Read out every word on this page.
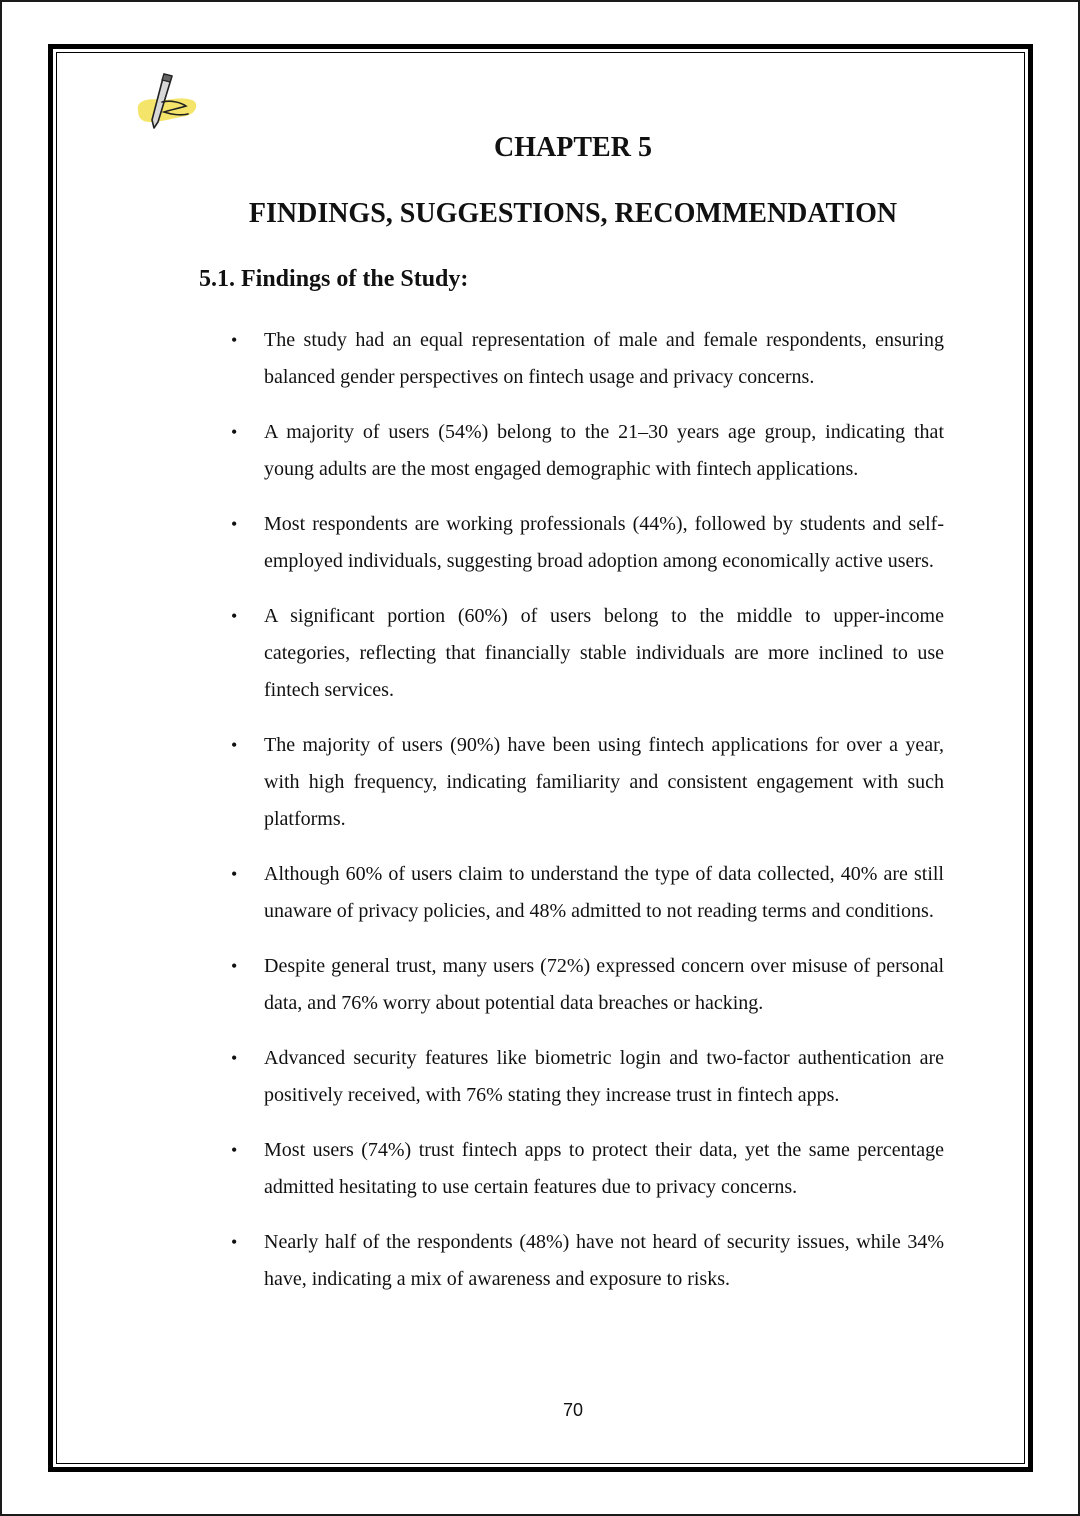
CHAPTER 5
FINDINGS, SUGGESTIONS, RECOMMENDATION
5.1. Findings of the Study:
• The study had an equal representation of male and female respondents, ensuring balanced gender perspectives on fintech usage and privacy concerns.
• A majority of users (54%) belong to the 21–30 years age group, indicating that young adults are the most engaged demographic with fintech applications.
• Most respondents are working professionals (44%), followed by students and self-employed individuals, suggesting broad adoption among economically active users.
• A significant portion (60%) of users belong to the middle to upper-income categories, reflecting that financially stable individuals are more inclined to use fintech services.
• The majority of users (90%) have been using fintech applications for over a year, with high frequency, indicating familiarity and consistent engagement with such platforms.
• Although 60% of users claim to understand the type of data collected, 40% are still unaware of privacy policies, and 48% admitted to not reading terms and conditions.
• Despite general trust, many users (72%) expressed concern over misuse of personal data, and 76% worry about potential data breaches or hacking.
• Advanced security features like biometric login and two-factor authentication are positively received, with 76% stating they increase trust in fintech apps.
• Most users (74%) trust fintech apps to protect their data, yet the same percentage admitted hesitating to use certain features due to privacy concerns.
• Nearly half of the respondents (48%) have not heard of security issues, while 34% have, indicating a mix of awareness and exposure to risks.
70
